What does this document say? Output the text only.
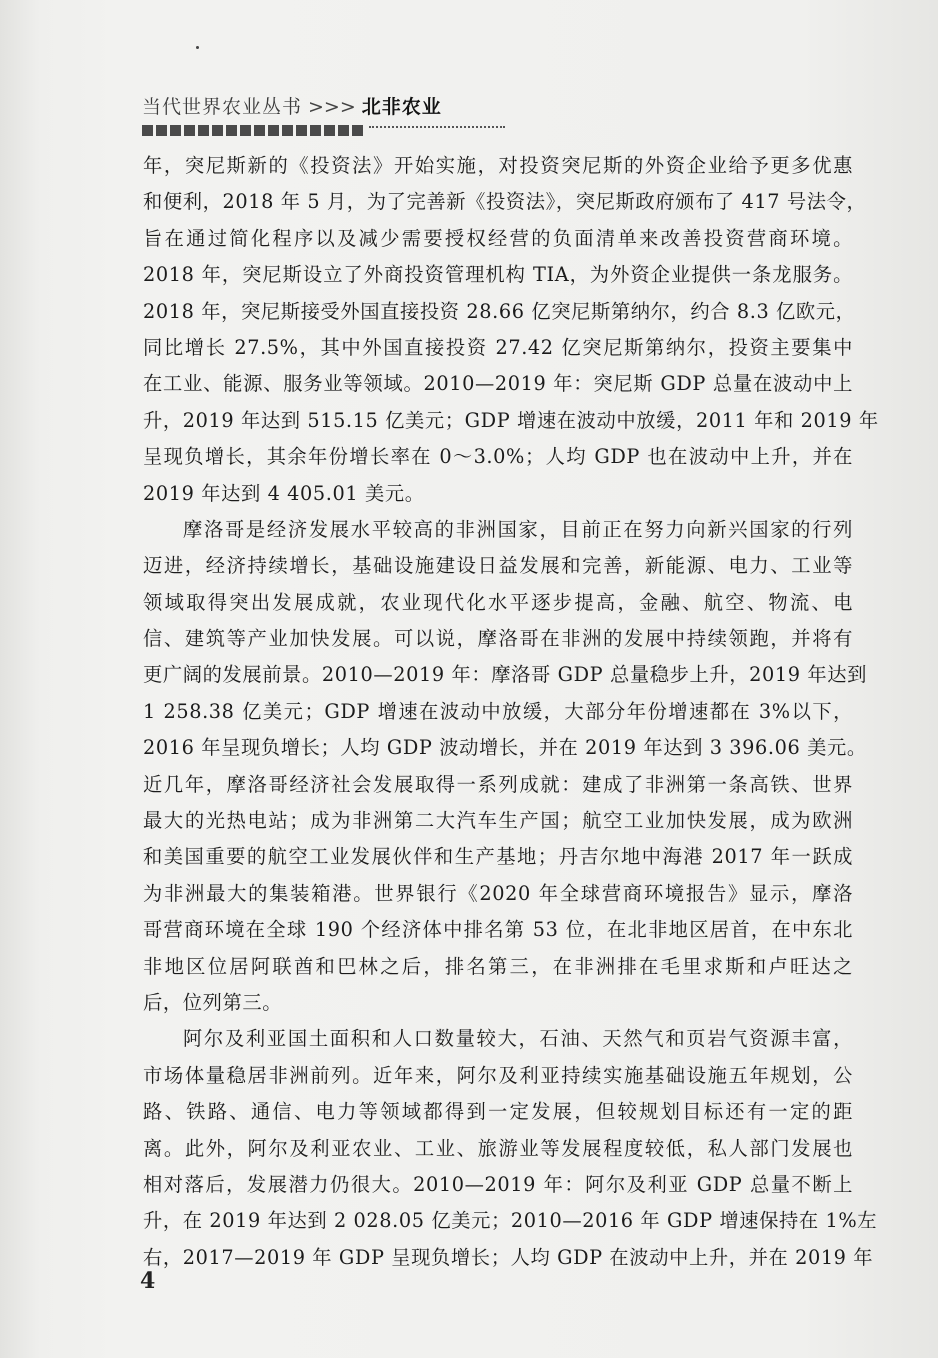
当代世界农业丛书 >>> 北非农业
年，突尼斯新的《投资法》开始实施，对投资突尼斯的外资企业给予更多优惠
和便利，2018 年 5 月，为了完善新《投资法》，突尼斯政府颁布了 417 号法令，
旨在通过简化程序以及减少需要授权经营的负面清单来改善投资营商环境。
2018 年，突尼斯设立了外商投资管理机构 TIA，为外资企业提供一条龙服务。
2018 年，突尼斯接受外国直接投资 28.66 亿突尼斯第纳尔，约合 8.3 亿欧元，
同比增长 27.5%，其中外国直接投资 27.42 亿突尼斯第纳尔，投资主要集中
在工业、能源、服务业等领域。2010—2019 年：突尼斯 GDP 总量在波动中上
升，2019 年达到 515.15 亿美元；GDP 增速在波动中放缓，2011 年和 2019 年
呈现负增长，其余年份增长率在 0～3.0%；人均 GDP 也在波动中上升，并在
2019 年达到 4 405.01 美元。
摩洛哥是经济发展水平较高的非洲国家，目前正在努力向新兴国家的行列
迈进，经济持续增长，基础设施建设日益发展和完善，新能源、电力、工业等
领域取得突出发展成就，农业现代化水平逐步提高，金融、航空、物流、电
信、建筑等产业加快发展。可以说，摩洛哥在非洲的发展中持续领跑，并将有
更广阔的发展前景。2010—2019 年：摩洛哥 GDP 总量稳步上升，2019 年达到
1 258.38 亿美元；GDP 增速在波动中放缓，大部分年份增速都在 3%以下，
2016 年呈现负增长；人均 GDP 波动增长，并在 2019 年达到 3 396.06 美元。
近几年，摩洛哥经济社会发展取得一系列成就：建成了非洲第一条高铁、世界
最大的光热电站；成为非洲第二大汽车生产国；航空工业加快发展，成为欧洲
和美国重要的航空工业发展伙伴和生产基地；丹吉尔地中海港 2017 年一跃成
为非洲最大的集装箱港。世界银行《2020 年全球营商环境报告》显示，摩洛
哥营商环境在全球 190 个经济体中排名第 53 位，在北非地区居首，在中东北
非地区位居阿联酋和巴林之后，排名第三，在非洲排在毛里求斯和卢旺达之
后，位列第三。
阿尔及利亚国土面积和人口数量较大，石油、天然气和页岩气资源丰富，
市场体量稳居非洲前列。近年来，阿尔及利亚持续实施基础设施五年规划，公
路、铁路、通信、电力等领域都得到一定发展，但较规划目标还有一定的距
离。此外，阿尔及利亚农业、工业、旅游业等发展程度较低，私人部门发展也
相对落后，发展潜力仍很大。2010—2019 年：阿尔及利亚 GDP 总量不断上
升，在 2019 年达到 2 028.05 亿美元；2010—2016 年 GDP 增速保持在 1%左
右，2017—2019 年 GDP 呈现负增长；人均 GDP 在波动中上升，并在 2019 年
4
